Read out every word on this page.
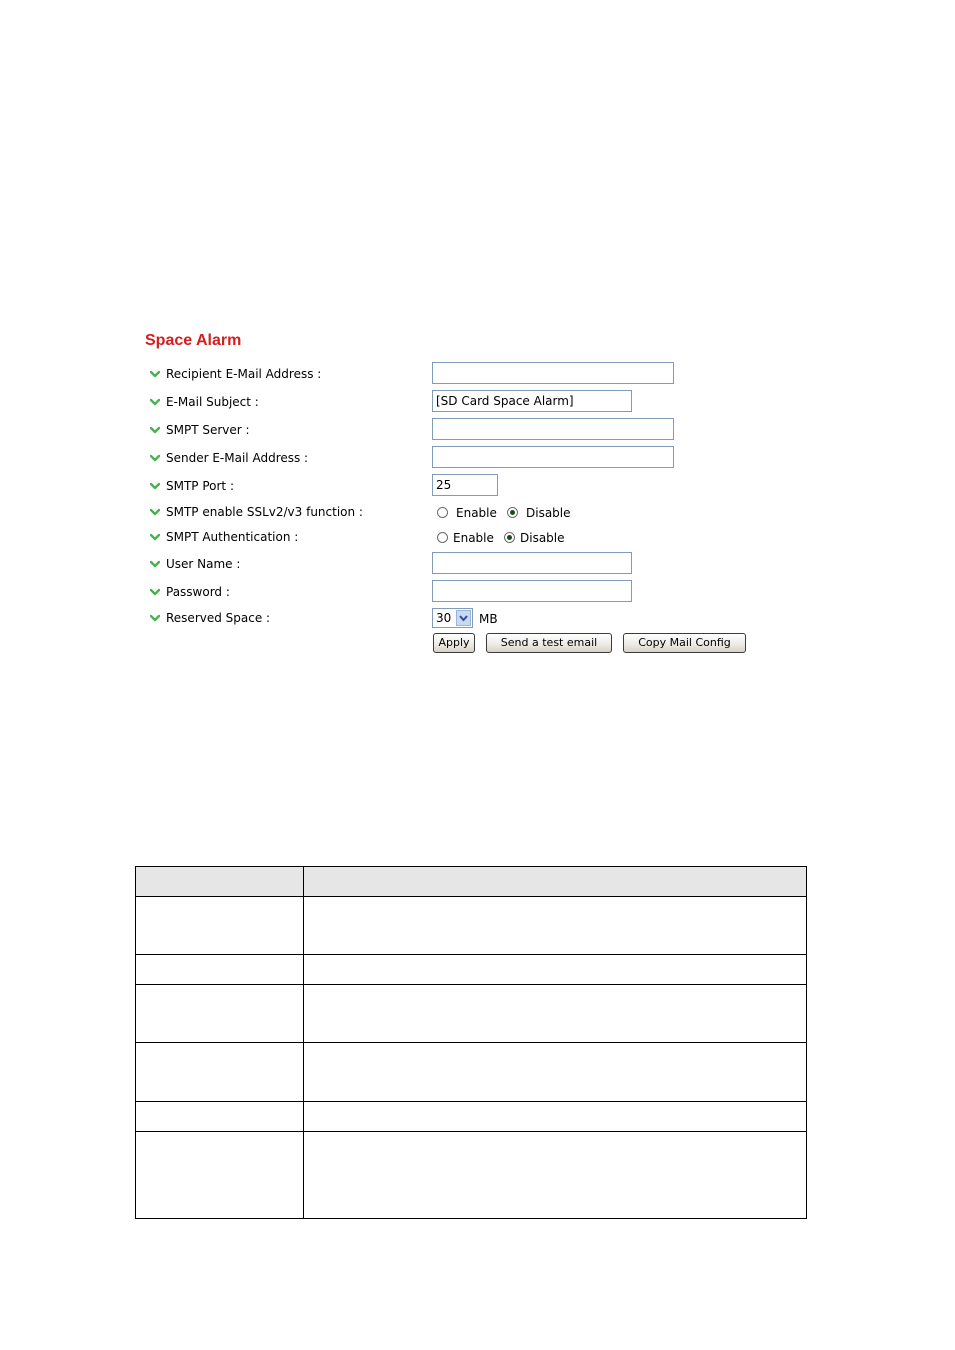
Space Alarm
Recipient E-Mail Address :
E-Mail Subject :
[SD Card Space Alarm]
SMPT Server :
Sender E-Mail Address :
SMTP Port :
25
SMTP enable SSLv2/v3 function :	Enable Disable
SMPT Authentication :	Enable Disable
User Name :
Password :
Reserved Space :	30 MB
Apply	Send a test email	Copy Mail Config
